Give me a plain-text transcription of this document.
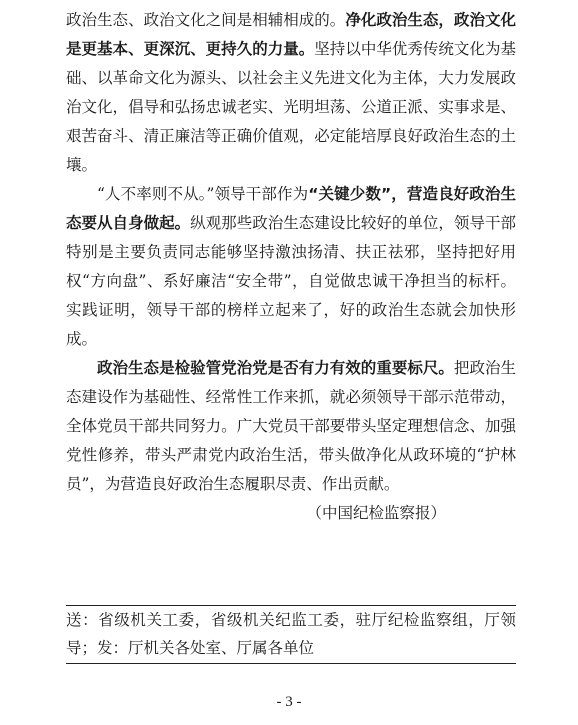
政治生态、政治文化之间是相辅相成的。净化政治生态，政治文化是更基本、更深沉、更持久的力量。坚持以中华优秀传统文化为基础、以革命文化为源头、以社会主义先进文化为主体，大力发展政治文化，倡导和弘扬忠诚老实、光明坦荡、公道正派、实事求是、艰苦奋斗、清正廉洁等正确价值观，必定能培厚良好政治生态的土壤。

“人不率则不从。”领导干部作为“关键少数”，营造良好政治生态要从自身做起。纵观那些政治生态建设比较好的单位，领导干部特别是主要负责同志能够坚持激浊扬清、扶正祛邪，坚持把好用权“方向盘”、系好廉洁“安全带”，自觉做忠诚干净担当的标杆。实践证明，领导干部的榜样立起来了，好的政治生态就会加快形成。

政治生态是检验管党治党是否有力有效的重要标尺。把政治生态建设作为基础性、经常性工作来抓，就必须领导干部示范带动，全体党员干部共同努力。广大党员干部要带头坚定理想信念、加强党性修养，带头严肃党内政治生活，带头做净化从政环境的“护林员”，为营造良好政治生态履职尽责、作出贡献。

（中国纪检监察报）

送：省级机关工委，省级机关纪监工委，驻厅纪检监察组，厅领导；发：厅机关各处室、厅属各单位
- 3 -
